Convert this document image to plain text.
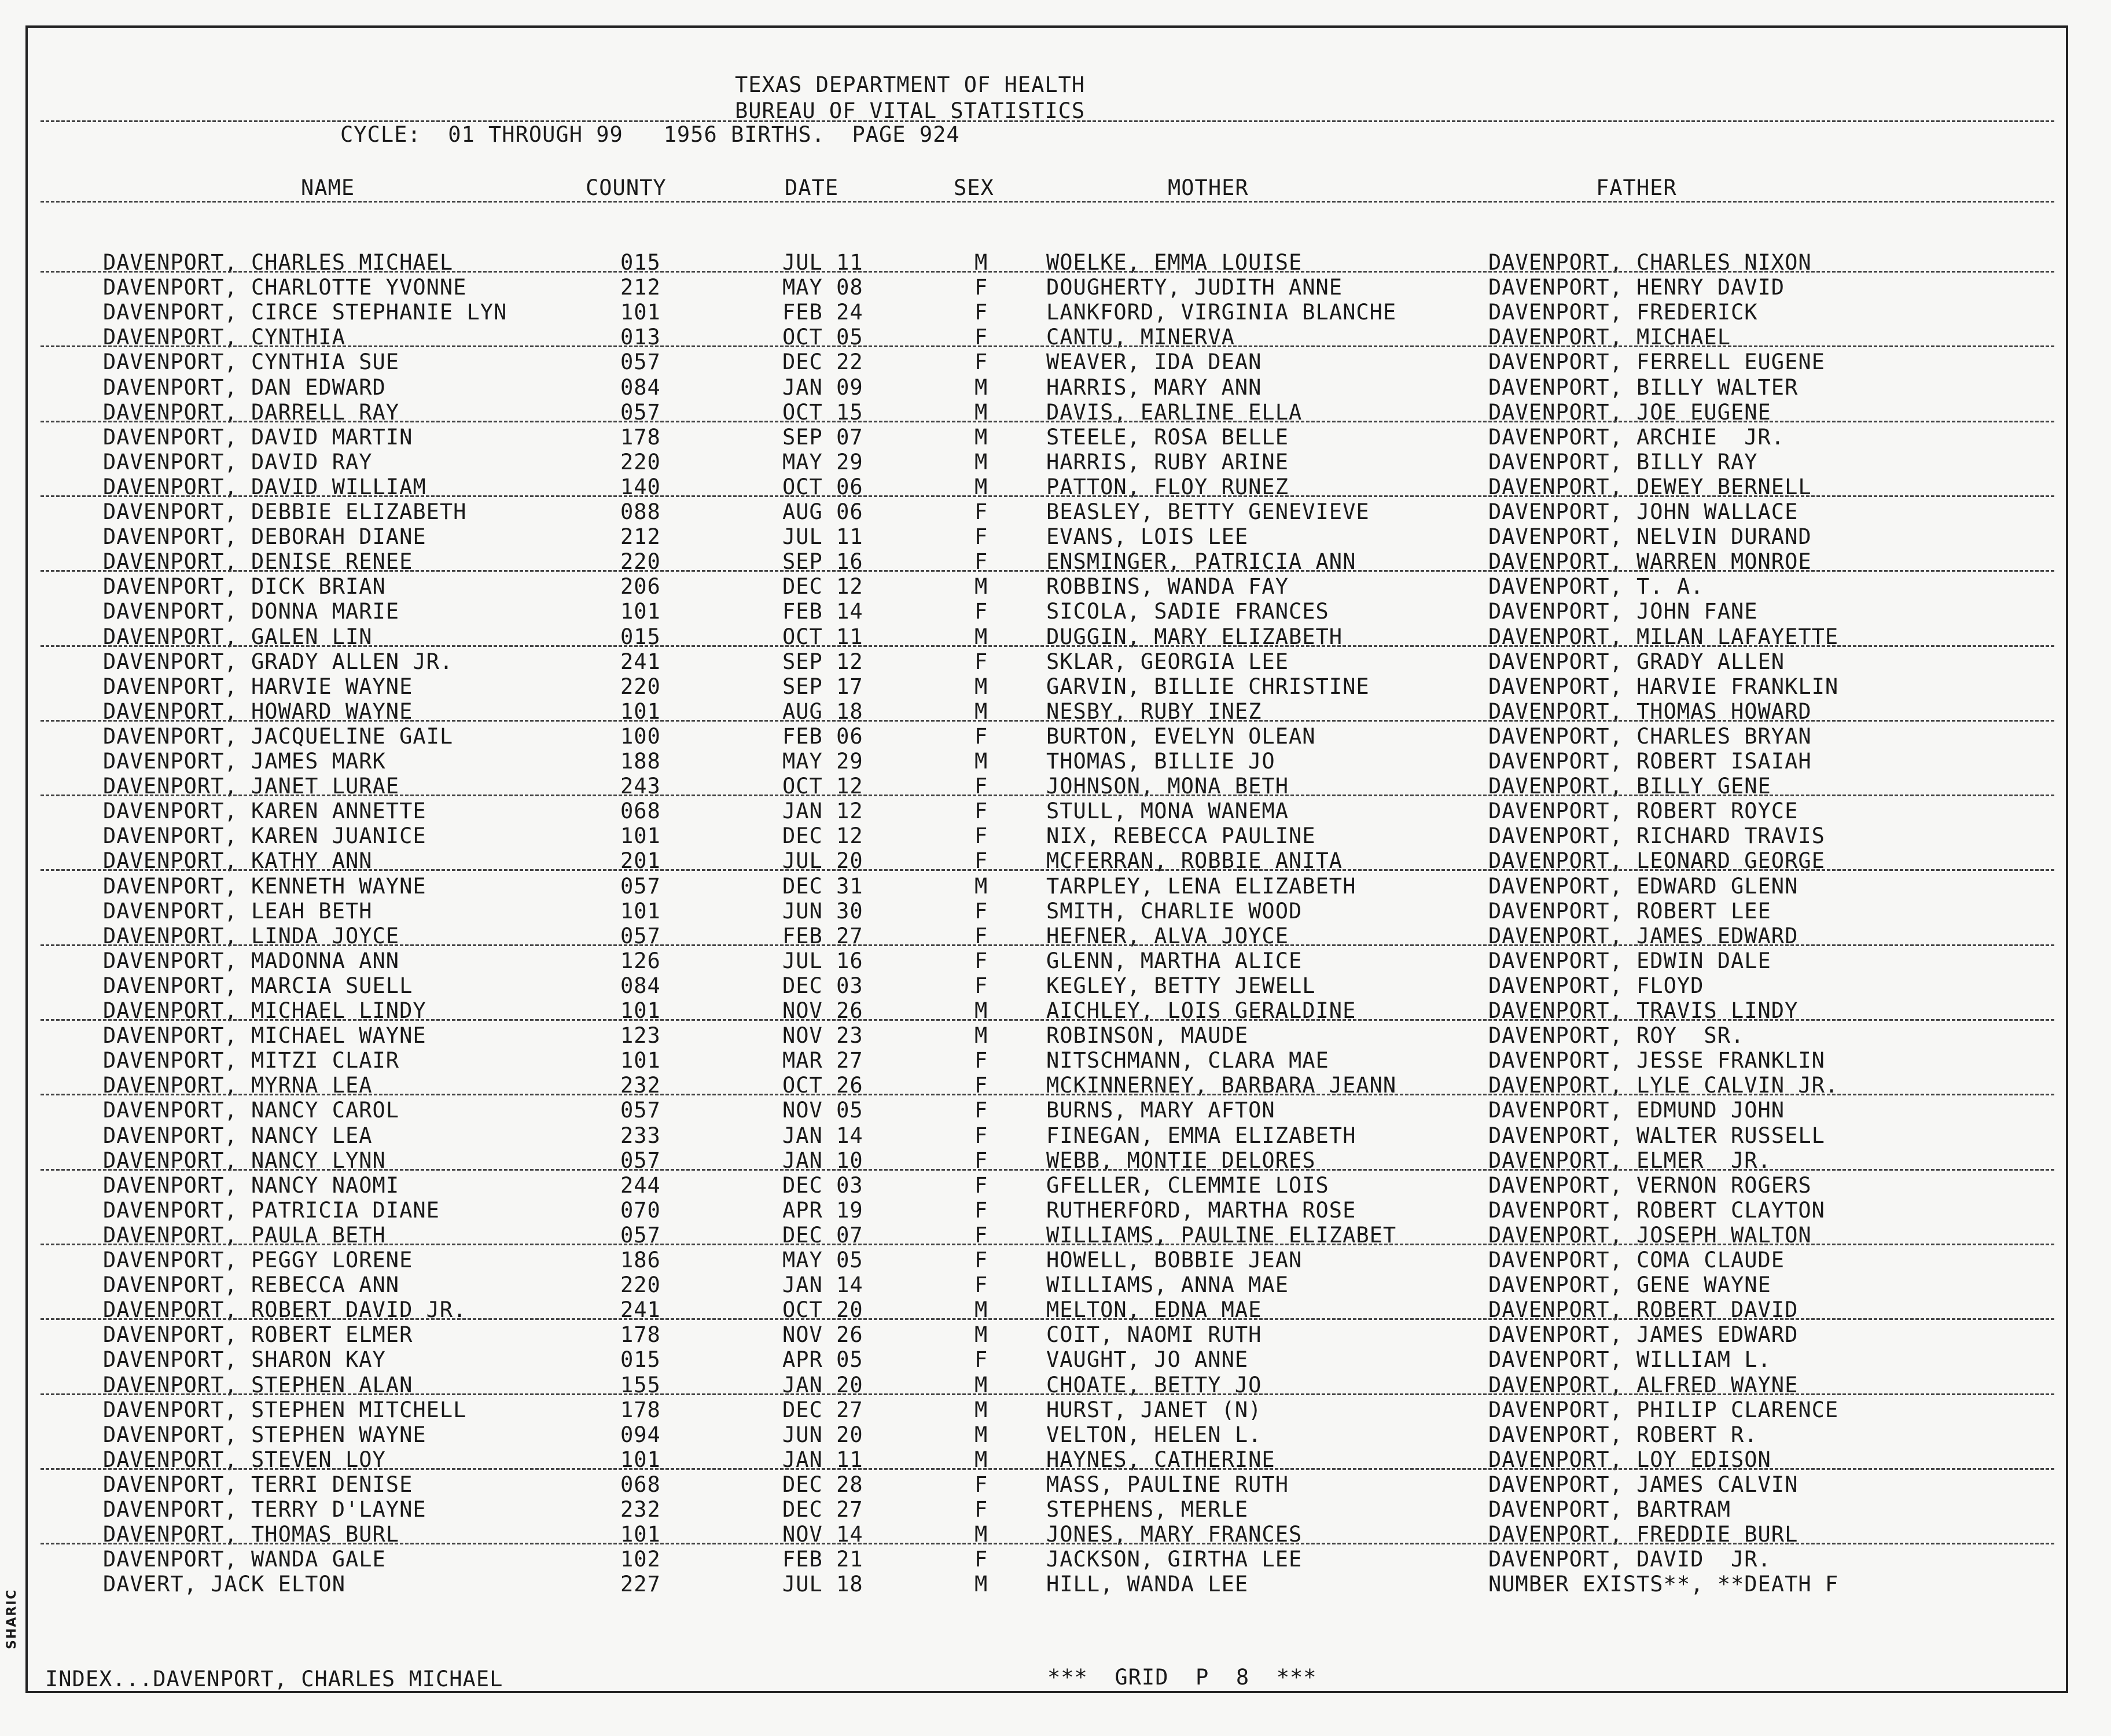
TEXAS DEPARTMENT OF HEALTH
BUREAU OF VITAL STATISTICS
CYCLE:  01 THROUGH 99   1956 BIRTHS.  PAGE 924
NAME	COUNTY	DATE	SEX	MOTHER	FATHER
DAVENPORT, CHARLES MICHAEL	015	JUL 11	M	WOELKE, EMMA LOUISE	DAVENPORT, CHARLES NIXON
DAVENPORT, CHARLOTTE YVONNE	212	MAY 08	F	DOUGHERTY, JUDITH ANNE	DAVENPORT, HENRY DAVID
DAVENPORT, CIRCE STEPHANIE LYN	101	FEB 24	F	LANKFORD, VIRGINIA BLANCHE	DAVENPORT, FREDERICK
DAVENPORT, CYNTHIA	013	OCT 05	F	CANTU, MINERVA	DAVENPORT, MICHAEL
DAVENPORT, CYNTHIA SUE	057	DEC 22	F	WEAVER, IDA DEAN	DAVENPORT, FERRELL EUGENE
DAVENPORT, DAN EDWARD	084	JAN 09	M	HARRIS, MARY ANN	DAVENPORT, BILLY WALTER
DAVENPORT, DARRELL RAY	057	OCT 15	M	DAVIS, EARLINE ELLA	DAVENPORT, JOE EUGENE
DAVENPORT, DAVID MARTIN	178	SEP 07	M	STEELE, ROSA BELLE	DAVENPORT, ARCHIE  JR.
DAVENPORT, DAVID RAY	220	MAY 29	M	HARRIS, RUBY ARINE	DAVENPORT, BILLY RAY
DAVENPORT, DAVID WILLIAM	140	OCT 06	M	PATTON, FLOY RUNEZ	DAVENPORT, DEWEY BERNELL
DAVENPORT, DEBBIE ELIZABETH	088	AUG 06	F	BEASLEY, BETTY GENEVIEVE	DAVENPORT, JOHN WALLACE
DAVENPORT, DEBORAH DIANE	212	JUL 11	F	EVANS, LOIS LEE	DAVENPORT, NELVIN DURAND
DAVENPORT, DENISE RENEE	220	SEP 16	F	ENSMINGER, PATRICIA ANN	DAVENPORT, WARREN MONROE
DAVENPORT, DICK BRIAN	206	DEC 12	M	ROBBINS, WANDA FAY	DAVENPORT, T. A.
DAVENPORT, DONNA MARIE	101	FEB 14	F	SICOLA, SADIE FRANCES	DAVENPORT, JOHN FANE
DAVENPORT, GALEN LIN	015	OCT 11	M	DUGGIN, MARY ELIZABETH	DAVENPORT, MILAN LAFAYETTE
DAVENPORT, GRADY ALLEN JR.	241	SEP 12	F	SKLAR, GEORGIA LEE	DAVENPORT, GRADY ALLEN
DAVENPORT, HARVIE WAYNE	220	SEP 17	M	GARVIN, BILLIE CHRISTINE	DAVENPORT, HARVIE FRANKLIN
DAVENPORT, HOWARD WAYNE	101	AUG 18	M	NESBY, RUBY INEZ	DAVENPORT, THOMAS HOWARD
DAVENPORT, JACQUELINE GAIL	100	FEB 06	F	BURTON, EVELYN OLEAN	DAVENPORT, CHARLES BRYAN
DAVENPORT, JAMES MARK	188	MAY 29	M	THOMAS, BILLIE JO	DAVENPORT, ROBERT ISAIAH
DAVENPORT, JANET LURAE	243	OCT 12	F	JOHNSON, MONA BETH	DAVENPORT, BILLY GENE
DAVENPORT, KAREN ANNETTE	068	JAN 12	F	STULL, MONA WANEMA	DAVENPORT, ROBERT ROYCE
DAVENPORT, KAREN JUANICE	101	DEC 12	F	NIX, REBECCA PAULINE	DAVENPORT, RICHARD TRAVIS
DAVENPORT, KATHY ANN	201	JUL 20	F	MCFERRAN, ROBBIE ANITA	DAVENPORT, LEONARD GEORGE
DAVENPORT, KENNETH WAYNE	057	DEC 31	M	TARPLEY, LENA ELIZABETH	DAVENPORT, EDWARD GLENN
DAVENPORT, LEAH BETH	101	JUN 30	F	SMITH, CHARLIE WOOD	DAVENPORT, ROBERT LEE
DAVENPORT, LINDA JOYCE	057	FEB 27	F	HEFNER, ALVA JOYCE	DAVENPORT, JAMES EDWARD
DAVENPORT, MADONNA ANN	126	JUL 16	F	GLENN, MARTHA ALICE	DAVENPORT, EDWIN DALE
DAVENPORT, MARCIA SUELL	084	DEC 03	F	KEGLEY, BETTY JEWELL	DAVENPORT, FLOYD
DAVENPORT, MICHAEL LINDY	101	NOV 26	M	AICHLEY, LOIS GERALDINE	DAVENPORT, TRAVIS LINDY
DAVENPORT, MICHAEL WAYNE	123	NOV 23	M	ROBINSON, MAUDE	DAVENPORT, ROY  SR.
DAVENPORT, MITZI CLAIR	101	MAR 27	F	NITSCHMANN, CLARA MAE	DAVENPORT, JESSE FRANKLIN
DAVENPORT, MYRNA LEA	232	OCT 26	F	MCKINNERNEY, BARBARA JEANN	DAVENPORT, LYLE CALVIN JR.
DAVENPORT, NANCY CAROL	057	NOV 05	F	BURNS, MARY AFTON	DAVENPORT, EDMUND JOHN
DAVENPORT, NANCY LEA	233	JAN 14	F	FINEGAN, EMMA ELIZABETH	DAVENPORT, WALTER RUSSELL
DAVENPORT, NANCY LYNN	057	JAN 10	F	WEBB, MONTIE DELORES	DAVENPORT, ELMER  JR.
DAVENPORT, NANCY NAOMI	244	DEC 03	F	GFELLER, CLEMMIE LOIS	DAVENPORT, VERNON ROGERS
DAVENPORT, PATRICIA DIANE	070	APR 19	F	RUTHERFORD, MARTHA ROSE	DAVENPORT, ROBERT CLAYTON
DAVENPORT, PAULA BETH	057	DEC 07	F	WILLIAMS, PAULINE ELIZABET	DAVENPORT, JOSEPH WALTON
DAVENPORT, PEGGY LORENE	186	MAY 05	F	HOWELL, BOBBIE JEAN	DAVENPORT, COMA CLAUDE
DAVENPORT, REBECCA ANN	220	JAN 14	F	WILLIAMS, ANNA MAE	DAVENPORT, GENE WAYNE
DAVENPORT, ROBERT DAVID JR.	241	OCT 20	M	MELTON, EDNA MAE	DAVENPORT, ROBERT DAVID
DAVENPORT, ROBERT ELMER	178	NOV 26	M	COIT, NAOMI RUTH	DAVENPORT, JAMES EDWARD
DAVENPORT, SHARON KAY	015	APR 05	F	VAUGHT, JO ANNE	DAVENPORT, WILLIAM L.
DAVENPORT, STEPHEN ALAN	155	JAN 20	M	CHOATE, BETTY JO	DAVENPORT, ALFRED WAYNE
DAVENPORT, STEPHEN MITCHELL	178	DEC 27	M	HURST, JANET (N)	DAVENPORT, PHILIP CLARENCE
DAVENPORT, STEPHEN WAYNE	094	JUN 20	M	VELTON, HELEN L.	DAVENPORT, ROBERT R.
DAVENPORT, STEVEN LOY	101	JAN 11	M	HAYNES, CATHERINE	DAVENPORT, LOY EDISON
DAVENPORT, TERRI DENISE	068	DEC 28	F	MASS, PAULINE RUTH	DAVENPORT, JAMES CALVIN
DAVENPORT, TERRY D'LAYNE	232	DEC 27	F	STEPHENS, MERLE	DAVENPORT, BARTRAM
DAVENPORT, THOMAS BURL	101	NOV 14	M	JONES, MARY FRANCES	DAVENPORT, FREDDIE BURL
DAVENPORT, WANDA GALE	102	FEB 21	F	JACKSON, GIRTHA LEE	DAVENPORT, DAVID  JR.
DAVERT, JACK ELTON	227	JUL 18	M	HILL, WANDA LEE	NUMBER EXISTS**, **DEATH F
INDEX...DAVENPORT, CHARLES MICHAEL	***  GRID  P  8  ***
SHARIC
